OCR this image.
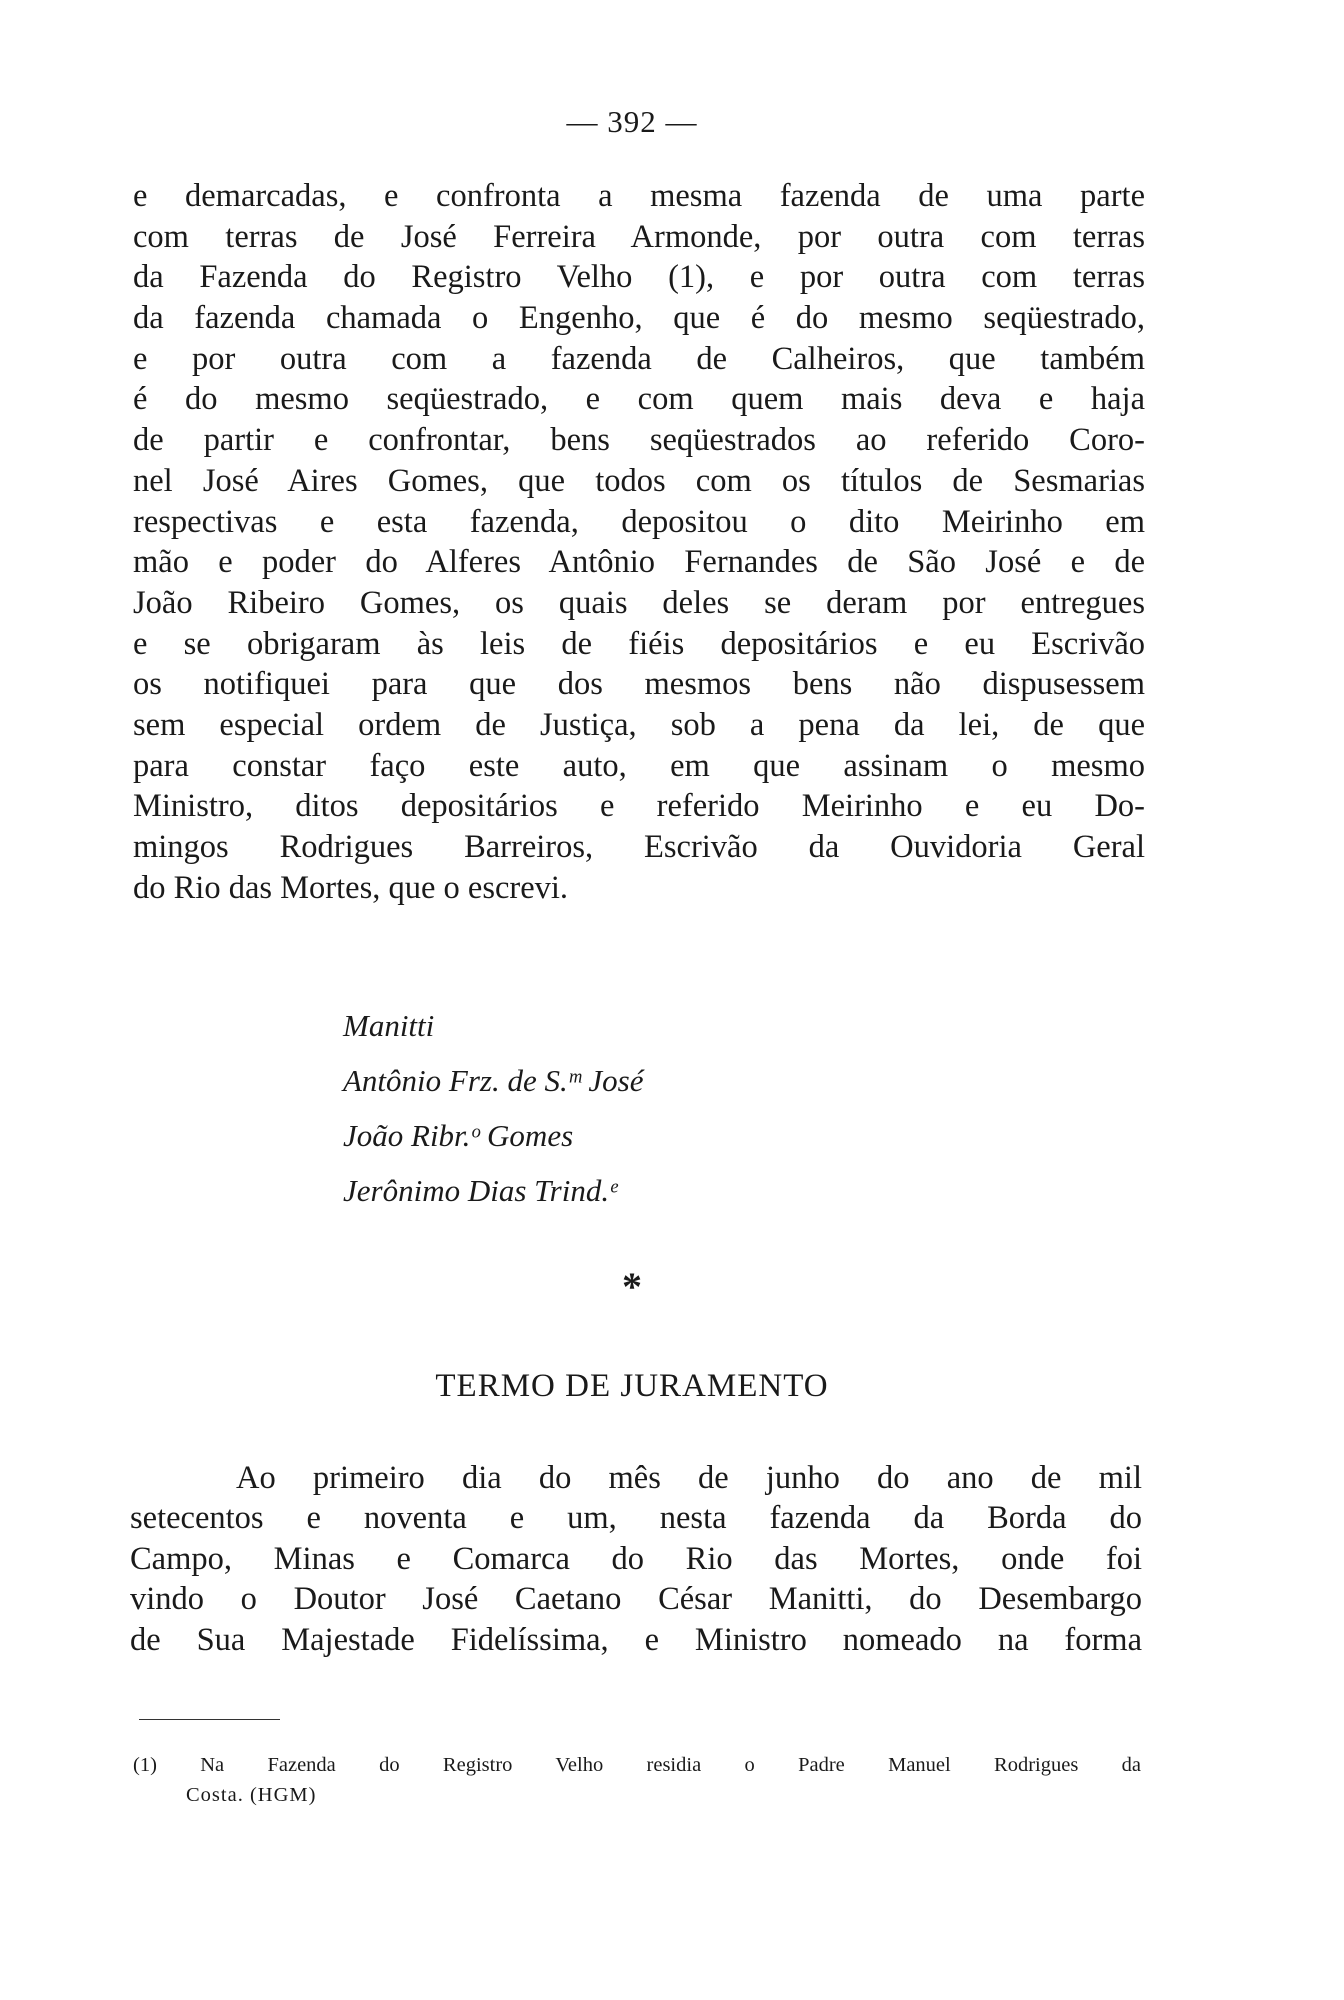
— 392 —
e demarcadas, e confronta a mesma fazenda de uma parte
com terras de José Ferreira Armonde, por outra com terras
da Fazenda do Registro Velho (1), e por outra com terras
da fazenda chamada o Engenho, que é do mesmo seqüestrado,
e por outra com a fazenda de Calheiros, que também
é do mesmo seqüestrado, e com quem mais deva e haja
de partir e confrontar, bens seqüestrados ao referido Coro-
nel José Aires Gomes, que todos com os títulos de Sesmarias
respectivas e esta fazenda, depositou o dito Meirinho em
mão e poder do Alferes Antônio Fernandes de São José e de
João Ribeiro Gomes, os quais deles se deram por entregues
e se obrigaram às leis de fiéis depositários e eu Escrivão
os notifiquei para que dos mesmos bens não dispusessem
sem especial ordem de Justiça, sob a pena da lei, de que
para constar faço este auto, em que assinam o mesmo
Ministro, ditos depositários e referido Meirinho e eu Do-
mingos Rodrigues Barreiros, Escrivão da Ouvidoria Geral
do Rio das Mortes, que o escrevi.
Manitti
Antônio Frz. de S.ᵐ José
João Ribr.ᵒ Gomes
Jerônimo Dias Trind.ᵉ
*
TERMO DE JURAMENTO
Ao primeiro dia do mês de junho do ano de mil
setecentos e noventa e um, nesta fazenda da Borda do
Campo, Minas e Comarca do Rio das Mortes, onde foi
vindo o Doutor José Caetano César Manitti, do Desembargo
de Sua Majestade Fidelíssima, e Ministro nomeado na forma
(1) Na Fazenda do Registro Velho residia o Padre Manuel Rodrigues da
Costa. (HGM)
